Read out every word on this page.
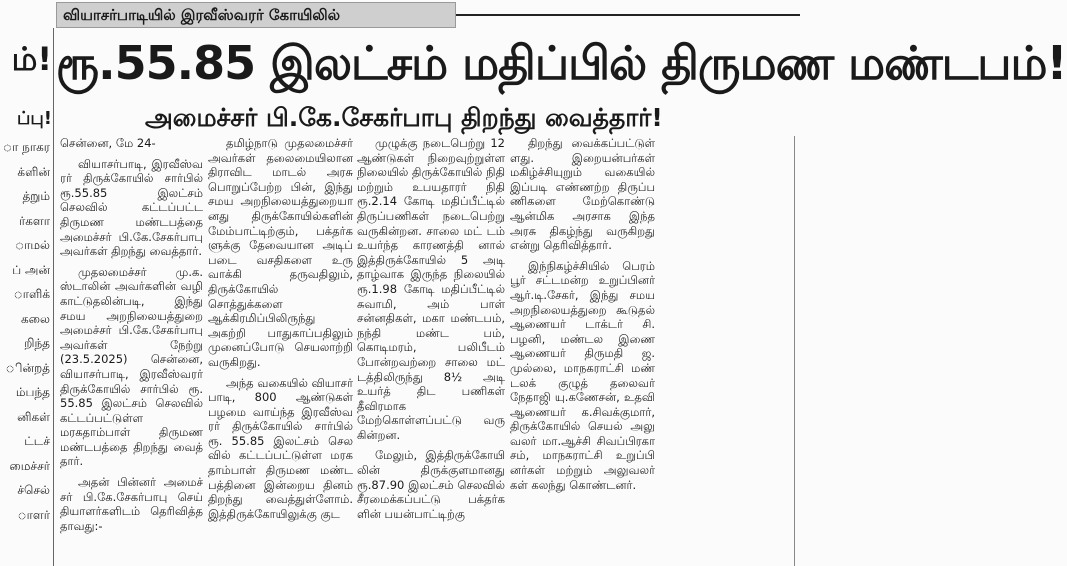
ம்!
ப்பு!
ா நாகர
க்ளின்
த்றும்
ர்களா
ாமல்
ப் அன்
ாளிக்
கலை
றிந்த
ின்றத்
ம்பந்த
னிகள்
ட்டச்
மைச்சர்
ச்செல்
ாளர்
வியாசர்பாடியில் இரவீஸ்வரர் கோயிலில்
ரூ.55.85 இலட்சம் மதிப்பில் திருமண மண்டபம்!
அமைச்சர் பி.கே.சேகர்பாபு திறந்து வைத்தார்!

சென்னை, மே 24-

வியாசர்பாடி, இரவீஸ்வ ரர் திருக்கோயில் சார்பில் ரூ.55.85 இலட்சம் செலவில் கட்டப்பட்ட திருமண மண்டபத்தை அமைச்சர் பி.கே.சேகர்பாபு அவர்கள் திறந்து வைத்தார்.

முதலமைச்சர் மு.க. ஸ்டாலின் அவர்களின் வழி காட்டுதலின்படி, இந்து சமய அறநிலையத்துறை அமைச்சர் பி.கே.சேகர்பாபு அவர்கள் நேற்று (23.5.2025) சென்னை, வியாசர்பாடி, இரவீஸ்வரர் திருக்கோயில் சார்பில் ரூ. 55.85 இலட்சம் செலவில் கட்டப்பட்டுள்ள மரகதாம்பாள் திருமண மண்டபத்தை திறந்து வைத் தார்.

அதன் பின்னர் அமைச் சர் பி.கே.சேகர்பாபு செய் தியாளர்களிடம் தெரிவித்த தாவது:-

தமிழ்நாடு முதலமைச்சர் அவர்கள் தலைமையிலான திராவிட மாடல் அரசு பொறுப்பேற்ற பின், இந்து சமய அறநிலையத்துறையா னது திருக்கோயில்களின் மேம்பாட்டிற்கும், பக்தர்க ளுக்கு தேவையான அடிப் படை வசதிகளை உரு வாக்கி தருவதிலும், திருக்கோயில் சொத்துக்களை ஆக்கிரமிப்பிலிருந்து அகற்றி பாதுகாப்பதிலும் முனைப்போடு செயலாற்றி வருகிறது.

அந்த வகையில் வியாசர் பாடி, 800 ஆண்டுகள் பழமை வாய்ந்த இரவீஸ்வ ரர் திருக்கோயில் சார்பில் ரூ. 55.85 இலட்சம் செல வில் கட்டப்பட்டுள்ள மரக தாம்பாள் திருமண மண்ட பத்தினை இன்றைய தினம் திறந்து வைத்துள்ளோம். இத்திருக்கோயிலுக்கு குட

முழுக்கு நடைபெற்று 12 ஆண்டுகள் நிறைவுற்றுள்ள நிலையில் திருக்கோயில் நிதி மற்றும் உபயதாரர் நிதி ரூ.2.14 கோடி மதிப்பீட்டில் திருப்பணிகள் நடைபெற்று வருகின்றன. சாலை மட் டம் உயர்ந்த காரணத்தி னால் இத்திருக்கோயில் 5 அடி தாழ்வாக இருந்த நிலையில் ரூ.1.98 கோடி மதிப்பீட்டில் சுவாமி, அம் பாள் சன்னதிகள், மகா மண்டபம், நந்தி மண்ட பம், கொடிமரம், பலிபீடம் போன்றவற்றை சாலை மட் டத்திலிருந்து 8½ அடி உயர்த் திட பணிகள் தீவிரமாக மேற்கொள்ளப்பட்டு வரு கின்றன.

மேலும், இத்திருக்கோயி லின் திருக்குளமானது ரூ.87.90 இலட்சம் செலவில் சீரமைக்கப்பட்டு பக்தர்க ளின் பயன்பாட்டிற்கு

திறந்து வைக்கப்பட்டுள் ளது. இறையன்பர்கள் மகிழ்ச்சியுறும் வகையில் இப்படி எண்ணற்ற திருப்ப ணிகளை மேற்கொண்டு ஆன்மிக அரசாக இந்த அரசு திகழ்ந்து வருகிறது என்று தெரிவித்தார்.

இந்நிகழ்ச்சியில் பெரம் பூர் சட்டமன்ற உறுப்பினர் ஆர்.டி.சேகர், இந்து சமய அறநிலையத்துறை கூடுதல் ஆணையர் டாக்டர் சி. பழனி, மண்டல இணை ஆணையர் திருமதி ஜ. முல்லை, மாநகராட்சி மண் டலக் குழுத் தலைவர் நேதாஜி யு.கணேசன், உதவி ஆணையர் க.சிவக்குமார், திருக்கோயில் செயல் அலு வலர் மா.ஆச்சி சிவப்பிரகா சம், மாநகராட்சி உறுப்பி னர்கள் மற்றும் அலுவலர் கள் கலந்து கொண்டனர்.
